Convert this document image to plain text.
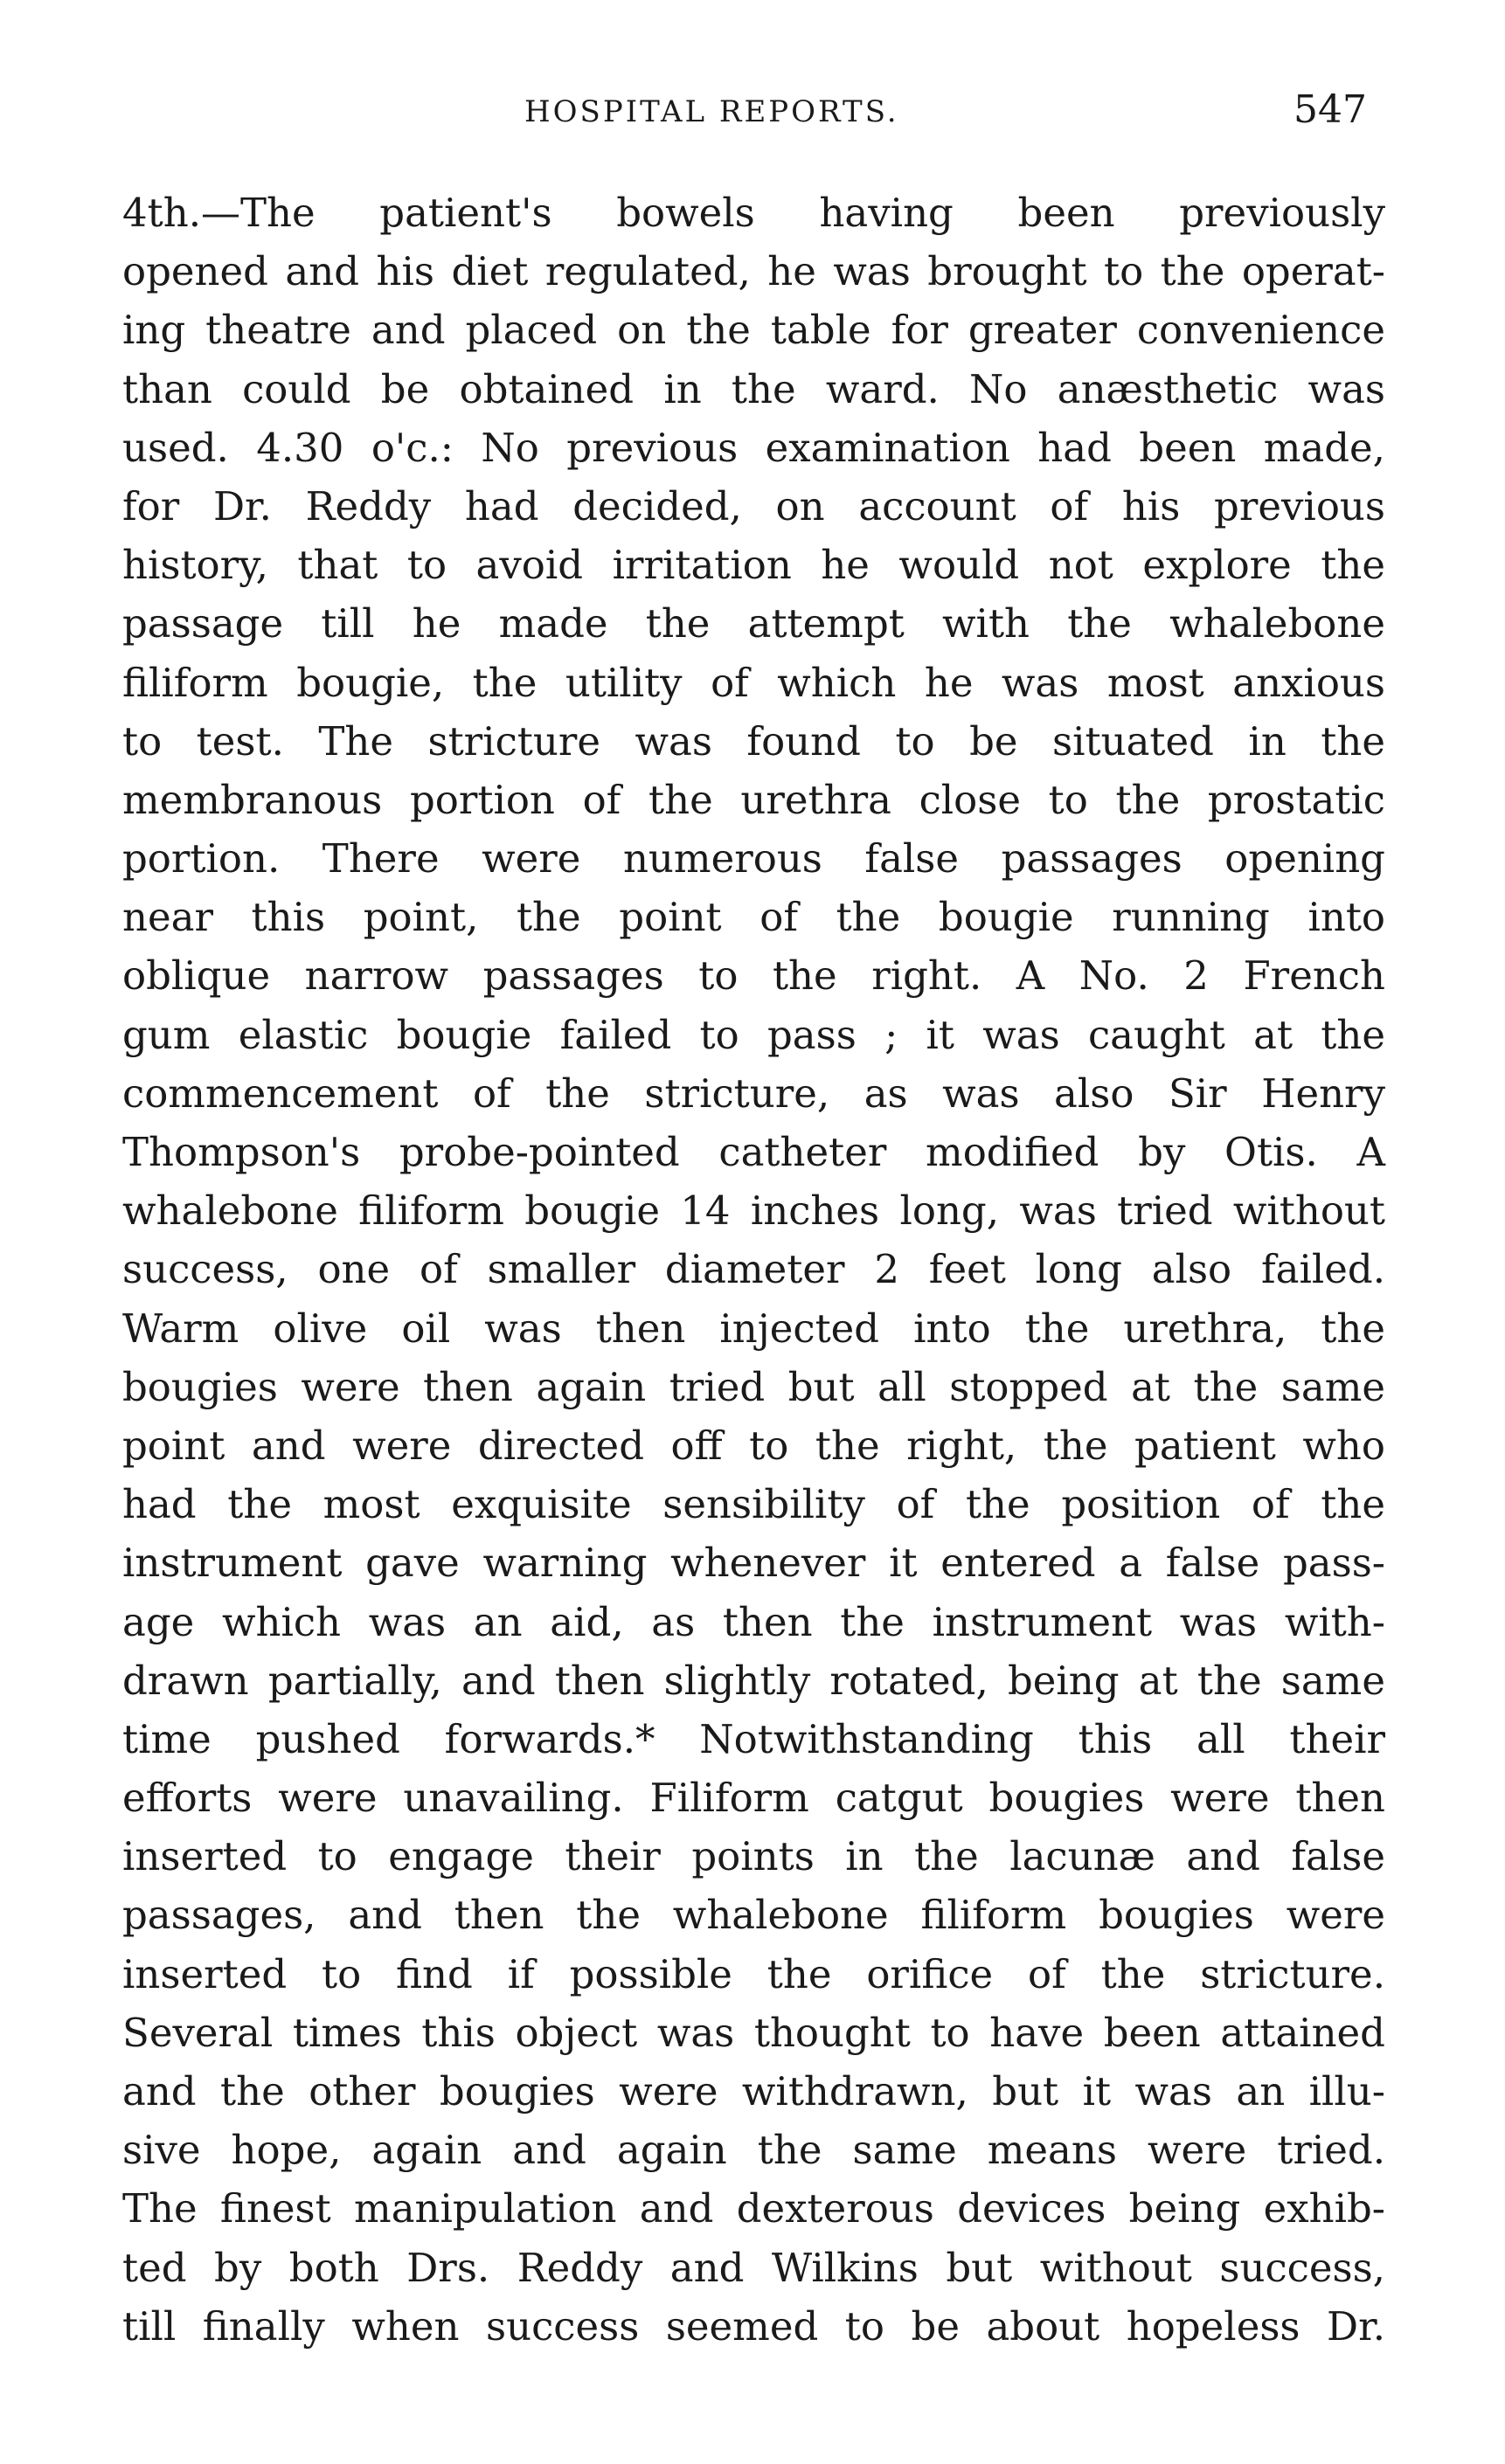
HOSPITAL REPORTS.	547
4th.—The patient's bowels having been previously
opened and his diet regulated, he was brought to the operat-
ing theatre and placed on the table for greater convenience
than could be obtained in the ward. No anæsthetic was
used. 4.30 o'c.: No previous examination had been made,
for Dr. Reddy had decided, on account of his previous
history, that to avoid irritation he would not explore the
passage till he made the attempt with the whalebone
filiform bougie, the utility of which he was most anxious
to test. The stricture was found to be situated in the
membranous portion of the urethra close to the prostatic
portion. There were numerous false passages opening
near this point, the point of the bougie running into
oblique narrow passages to the right. A No. 2 French
gum elastic bougie failed to pass ; it was caught at the
commencement of the stricture, as was also Sir Henry
Thompson's probe-pointed catheter modified by Otis. A
whalebone filiform bougie 14 inches long, was tried without
success, one of smaller diameter 2 feet long also failed.
Warm olive oil was then injected into the urethra, the
bougies were then again tried but all stopped at the same
point and were directed off to the right, the patient who
had the most exquisite sensibility of the position of the
instrument gave warning whenever it entered a false pass-
age which was an aid, as then the instrument was with-
drawn partially, and then slightly rotated, being at the same
time pushed forwards.* Notwithstanding this all their
efforts were unavailing. Filiform catgut bougies were then
inserted to engage their points in the lacunæ and false
passages, and then the whalebone filiform bougies were
inserted to find if possible the orifice of the stricture.
Several times this object was thought to have been attained
and the other bougies were withdrawn, but it was an illu-
sive hope, again and again the same means were tried.
The finest manipulation and dexterous devices being exhib-
ted by both Drs. Reddy and Wilkins but without success,
till finally when success seemed to be about hopeless Dr.
